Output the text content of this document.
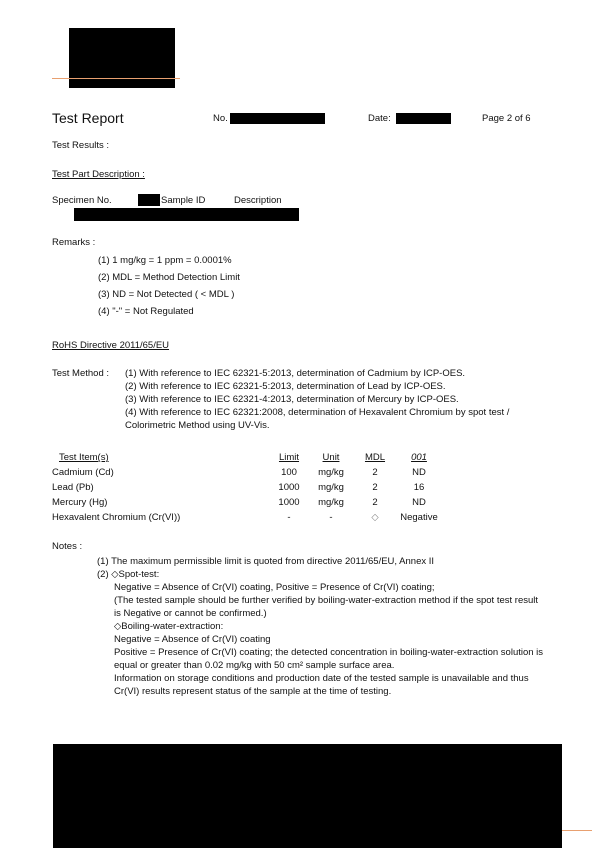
Test Report	No.	Date:	Page 2 of 6
Test Results :
Test Part Description :
Specimen No.	Sample ID	Description
Remarks :
(1) 1 mg/kg = 1 ppm = 0.0001%
(2) MDL = Method Detection Limit
(3) ND = Not Detected ( < MDL )
(4) "-" = Not Regulated
RoHS Directive 2011/65/EU
Test Method : (1) With reference to IEC 62321-5:2013, determination of Cadmium by ICP-OES.
(2) With reference to IEC 62321-5:2013, determination of Lead by ICP-OES.
(3) With reference to IEC 62321-4:2013, determination of Mercury by ICP-OES.
(4) With reference to IEC 62321:2008, determination of Hexavalent Chromium by spot test /
Colorimetric Method using UV-Vis.
Test Item(s)	Limit	Unit	MDL	001
Cadmium (Cd)	100	mg/kg	2	ND
Lead (Pb)	1000	mg/kg	2	16
Mercury (Hg)	1000	mg/kg	2	ND
Hexavalent Chromium (Cr(VI))	-	-	◇	Negative
Notes :
(1) The maximum permissible limit is quoted from directive 2011/65/EU, Annex II
(2) ◇Spot-test:
Negative = Absence of Cr(VI) coating, Positive = Presence of Cr(VI) coating;
(The tested sample should be further verified by boiling-water-extraction method if the spot test result
is Negative or cannot be confirmed.)
◇Boiling-water-extraction:
Negative = Absence of Cr(VI) coating
Positive = Presence of Cr(VI) coating; the detected concentration in boiling-water-extraction solution is
equal or greater than 0.02 mg/kg with 50 cm² sample surface area.
Information on storage conditions and production date of the tested sample is unavailable and thus
Cr(VI) results represent status of the sample at the time of testing.
